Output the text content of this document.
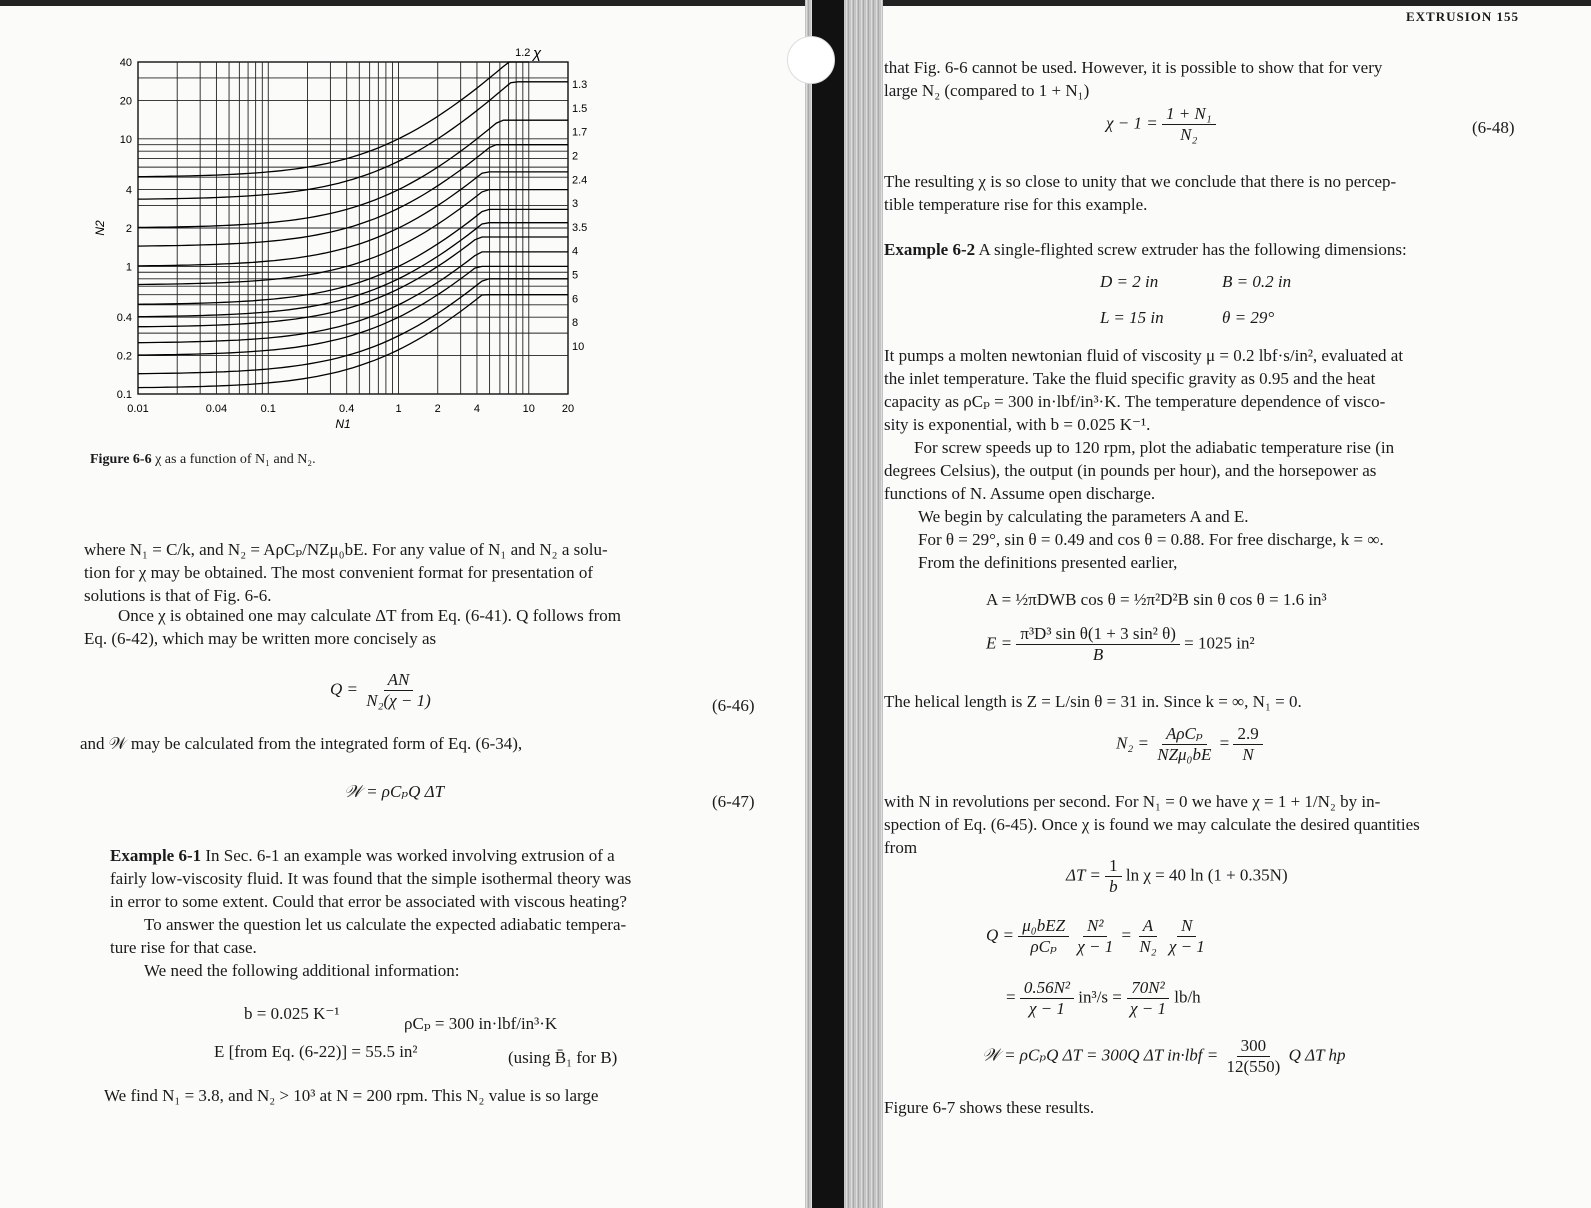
0.01	0.04	0.1	0.4	1	2	4	10 20
40
20
10
4
2
1
0.4
0.2
0.1
1.3
1.5
1.7
2
2.4
3
3.5
4
5
6
8
10
1.2
N2
N1
χ
Figure 6-6 χ as a function of N₁ and N₂.
where N₁ = C/k, and N₂ = AρCₚ/NZμ₀bE. For any value of N₁ and N₂ a solu-
tion for χ may be obtained. The most convenient format for presentation of
solutions is that of Fig. 6-6.
Once χ is obtained one may calculate ΔT from Eq. (6-41). Q follows from
Eq. (6-42), which may be written more concisely as
$Q = \frac{AN}{\text{N₂(χ − 1)}}$	(6-46)
and 𝒲 may be calculated from the integrated form of Eq. (6-34),
𝒲 = ρCₚQ ΔT
(6-47)
Example 6-1 In Sec. 6-1 an example was worked involving extrusion of a
fairly low-viscosity fluid. It was found that the simple isothermal theory was
in error to some extent. Could that error be associated with viscous heating?
To answer the question let us calculate the expected adiabatic tempera-
ture rise for that case.
We need the following additional information:
b = 0.025 K⁻¹
ρCₚ = 300 in·lbf/in³·K
E [from Eq. (6-22)] = 55.5 in²	(using B̄₁ for B)
We find N₁ = 3.8, and N₂ > 10³ at N = 200 rpm. This N₂ value is so large
EXTRUSION 155
that Fig. 6-6 cannot be used. However, it is possible to show that for very
large N₂ (compared to 1 + N₁)
$\chi - 1 = \frac{\text{1 + N₁}}{\text{N₂}}$	(6-48)
The resulting χ is so close to unity that we conclude that there is no percep-
tible temperature rise for this example.
Example 6-2 A single-flighted screw extruder has the following dimensions:
D = 2 in	B = 0.2 in
L = 15 in	θ = 29°
It pumps a molten newtonian fluid of viscosity μ = 0.2 lbf·s/in², evaluated at
the inlet temperature. Take the fluid specific gravity as 0.95 and the heat
capacity as ρCₚ = 300 in·lbf/in³·K. The temperature dependence of visco-
sity is exponential, with b = 0.025 K⁻¹.
For screw speeds up to 120 rpm, plot the adiabatic temperature rise (in
degrees Celsius), the output (in pounds per hour), and the horsepower as
functions of N. Assume open discharge.
We begin by calculating the parameters A and E.
For θ = 29°, sin θ = 0.49 and cos θ = 0.88. For free discharge, k = ∞.
From the definitions presented earlier,
A = ½πDWB cos θ = ½π²D²B sin θ cos θ = 1.6 in³
$E = \frac{\text{π³D³ sin θ(1 + 3 sin² θ)}}{B} = 1025$ in²
The helical length is Z = L/sin θ = 31 in. Since k = ∞, N₁ = 0.
$N_2 = \frac{\text{AρCₚ}}{\text{NZμ₀bE}} = \frac{2.9}{N}$
with N in revolutions per second. For N₁ = 0 we have χ = 1 + 1/N₂ by in-
spection of Eq. (6-45). Once χ is found we may calculate the desired quantities
from
$\Delta T = \frac{1}{b}$ ln χ = 40 ln (1 + 0.35N)
$Q = \frac{\text{μ₀bEZ}}{\text{ρCₚ}}$
$\frac{\text{N²}}{\chi - 1} = \frac{A}{\text{N₂}}$
$\frac{N}{\chi - 1}$
= $\frac{\text{0.56N²}}{\chi - 1} in^3/s = \frac{\text{70N²}}{\chi - 1} lb/h$
𝒲 = ρCₚQ ΔT = 300Q ΔT $in\cdot lbf = \frac{300}{12(550)}$ Q ΔT hp
Figure 6-7 shows these results.
